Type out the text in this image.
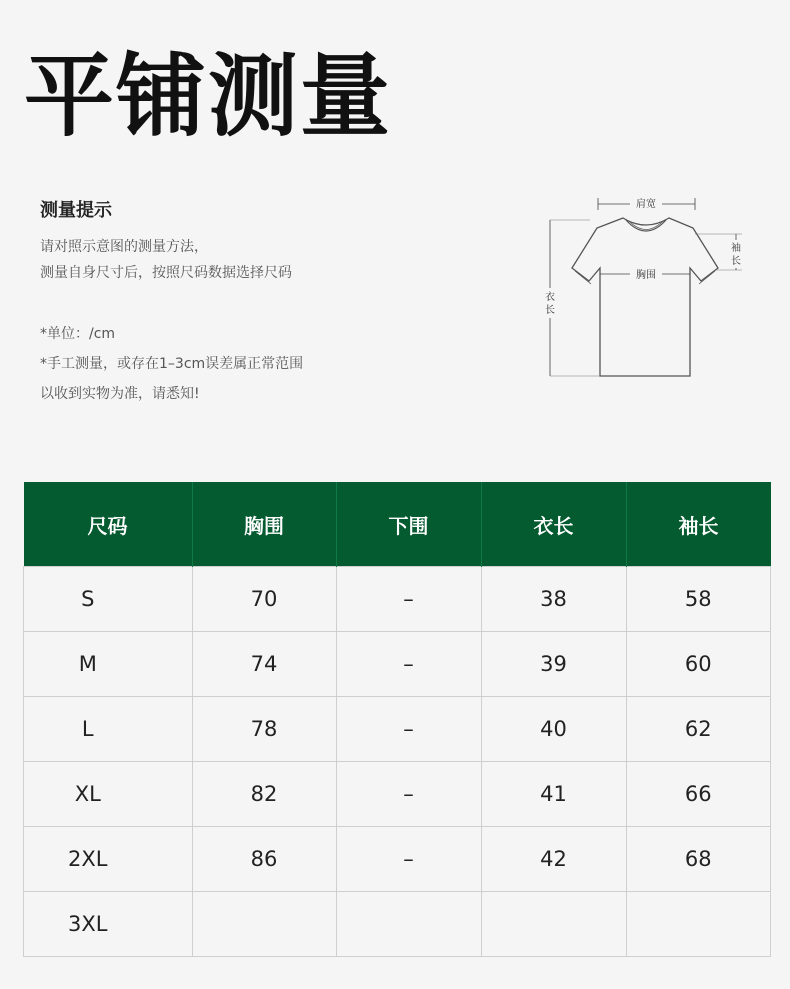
平铺测量
测量提示
请对照示意图的测量方法，
测量自身尺寸后，按照尺码数据选择尺码
*单位：/cm
*手工测量，或存在1–3cm误差属正常范围
以收到实物为准，请悉知!
肩宽
胸围
衣
长
袖
长
尺码	胸围	下围	衣长	袖长
S	70	–	38	58
M	74	–	39	60
L	78	–	40	62
XL	82	–	41	66
2XL	86	–	42	68
3XL				
